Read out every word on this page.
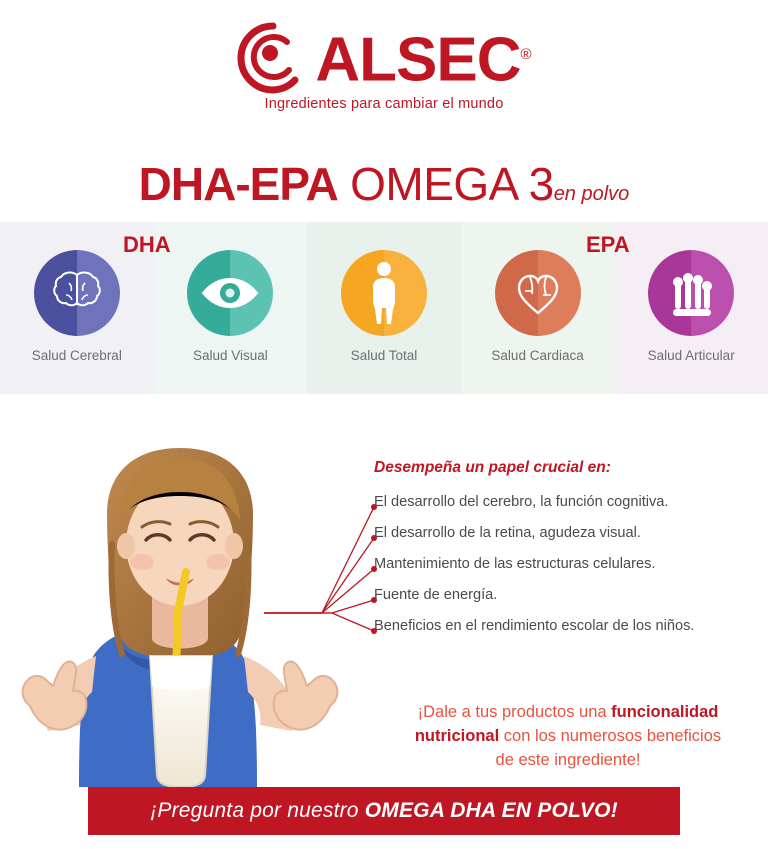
ALSEC®
Ingredientes para cambiar el mundo
DHA-EPA OMEGA 3en polvo
Salud Cerebral	Salud Visual	Salud Total	Salud Cardiaca	Salud Articular
DHA	EPA
Desempeña un papel crucial en:
El desarrollo del cerebro, la función cognitiva.
El desarrollo de la retina, agudeza visual.
Mantenimiento de las estructuras celulares.
Fuente de energía.
Beneficios en el rendimiento escolar de los niños.
¡Dale a tus productos una funcionalidad
nutricional con los numerosos beneficios
de este ingrediente!
¡Pregunta por nuestro OMEGA DHA EN POLVO!
